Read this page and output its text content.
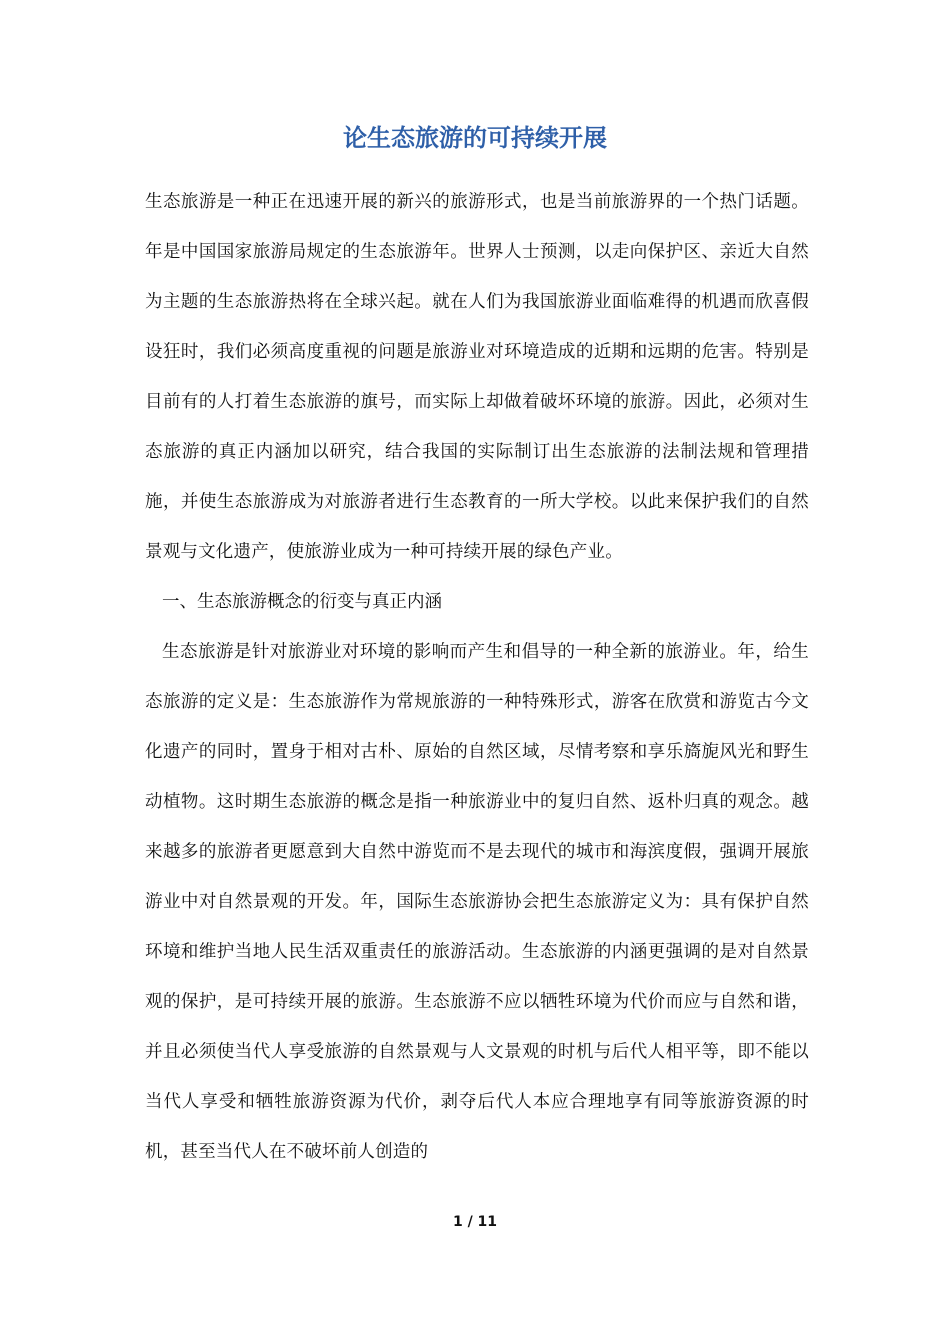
论生态旅游的可持续开展

生态旅游是一种正在迅速开展的新兴的旅游形式，也是当前旅游界的一个热门话题。年是中国国家旅游局规定的生态旅游年。世界人士预测，以走向保护区、亲近大自然为主题的生态旅游热将在全球兴起。就在人们为我国旅游业面临难得的机遇而欣喜假设狂时，我们必须高度重视的问题是旅游业对环境造成的近期和远期的危害。特别是目前有的人打着生态旅游的旗号，而实际上却做着破坏环境的旅游。因此，必须对生态旅游的真正内涵加以研究，结合我国的实际制订出生态旅游的法制法规和管理措施，并使生态旅游成为对旅游者进行生态教育的一所大学校。以此来保护我们的自然景观与文化遗产，使旅游业成为一种可持续开展的绿色产业。

一、生态旅游概念的衍变与真正内涵

生态旅游是针对旅游业对环境的影响而产生和倡导的一种全新的旅游业。年，给生态旅游的定义是：生态旅游作为常规旅游的一种特殊形式，游客在欣赏和游览古今文化遗产的同时，置身于相对古朴、原始的自然区域，尽情考察和享乐旖旎风光和野生动植物。这时期生态旅游的概念是指一种旅游业中的复归自然、返朴归真的观念。越来越多的旅游者更愿意到大自然中游览而不是去现代的城市和海滨度假，强调开展旅游业中对自然景观的开发。年，国际生态旅游协会把生态旅游定义为：具有保护自然环境和维护当地人民生活双重责任的旅游活动。生态旅游的内涵更强调的是对自然景观的保护，是可持续开展的旅游。生态旅游不应以牺牲环境为代价而应与自然和谐，并且必须使当代人享受旅游的自然景观与人文景观的时机与后代人相平等，即不能以当代人享受和牺牲旅游资源为代价，剥夺后代人本应合理地享有同等旅游资源的时机，甚至当代人在不破坏前人创造的

1 / 11
